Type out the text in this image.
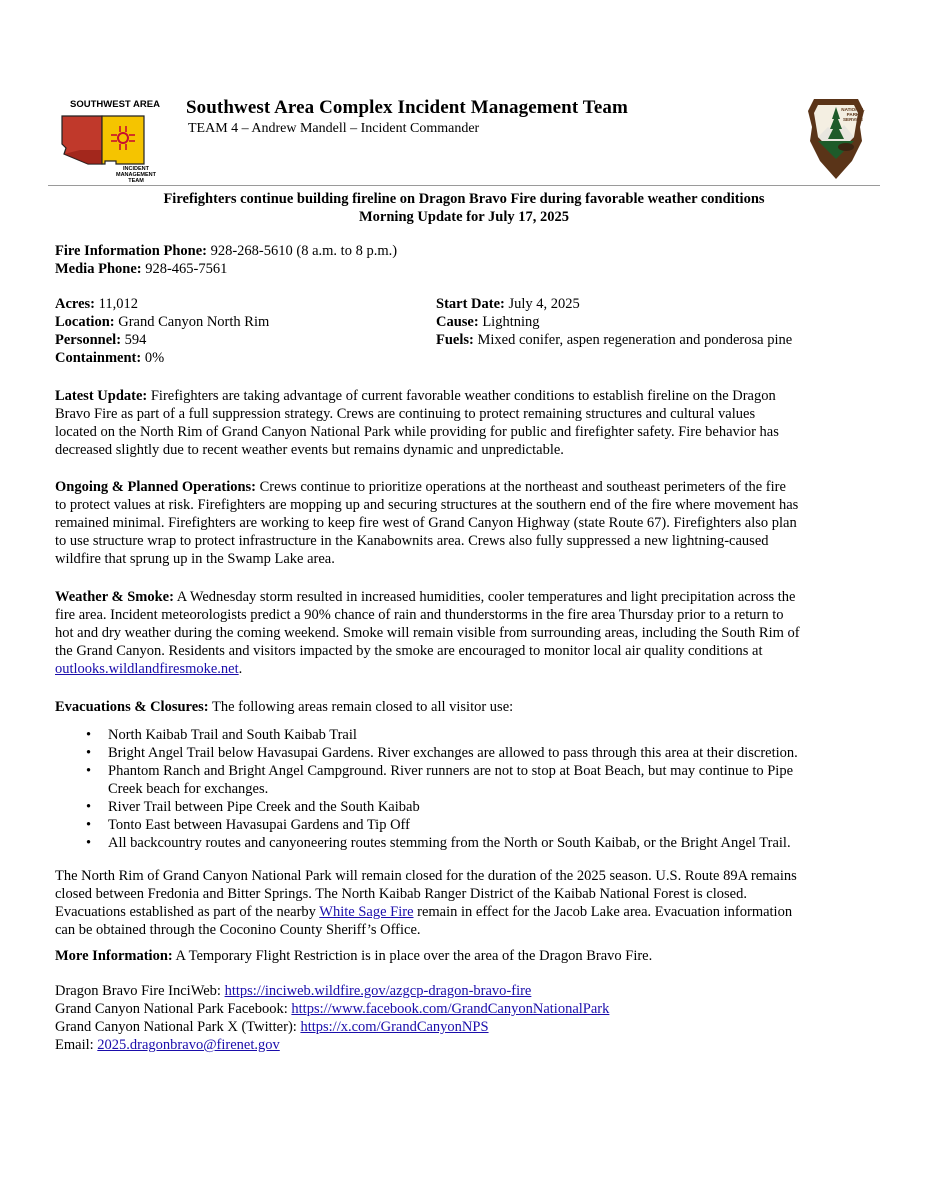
SOUTHWEST AREA
INCIDENT
MANAGEMENT
TEAM
Southwest Area Complex Incident Management Team
TEAM 4 – Andrew Mandell – Incident Commander
NATIONAL
PARK
SERVICE
Firefighters continue building fireline on Dragon Bravo Fire during favorable weather conditions
Morning Update for July 17, 2025
Fire Information Phone: 928-268-5610 (8 a.m. to 8 p.m.)
Media Phone: 928-465-7561
Acres: 11,012
Location: Grand Canyon North Rim
Personnel: 594
Containment: 0%
Start Date: July 4, 2025
Cause: Lightning
Fuels: Mixed conifer, aspen regeneration and ponderosa pine
Latest Update: Firefighters are taking advantage of current favorable weather conditions to establish fireline on the Dragon
Bravo Fire as part of a full suppression strategy. Crews are continuing to protect remaining structures and cultural values
located on the North Rim of Grand Canyon National Park while providing for public and firefighter safety. Fire behavior has
decreased slightly due to recent weather events but remains dynamic and unpredictable.
Ongoing & Planned Operations: Crews continue to prioritize operations at the northeast and southeast perimeters of the fire
to protect values at risk. Firefighters are mopping up and securing structures at the southern end of the fire where movement has
remained minimal. Firefighters are working to keep fire west of Grand Canyon Highway (state Route 67). Firefighters also plan
to use structure wrap to protect infrastructure in the Kanabownits area. Crews also fully suppressed a new lightning-caused
wildfire that sprung up in the Swamp Lake area.
Weather & Smoke: A Wednesday storm resulted in increased humidities, cooler temperatures and light precipitation across the
fire area. Incident meteorologists predict a 90% chance of rain and thunderstorms in the fire area Thursday prior to a return to
hot and dry weather during the coming weekend. Smoke will remain visible from surrounding areas, including the South Rim of
the Grand Canyon. Residents and visitors impacted by the smoke are encouraged to monitor local air quality conditions at
outlooks.wildlandfiresmoke.net.
Evacuations & Closures: The following areas remain closed to all visitor use:
• North Kaibab Trail and South Kaibab Trail
• Bright Angel Trail below Havasupai Gardens. River exchanges are allowed to pass through this area at their discretion.
• Phantom Ranch and Bright Angel Campground. River runners are not to stop at Boat Beach, but may continue to Pipe
Creek beach for exchanges.
• River Trail between Pipe Creek and the South Kaibab
• Tonto East between Havasupai Gardens and Tip Off
• All backcountry routes and canyoneering routes stemming from the North or South Kaibab, or the Bright Angel Trail.
The North Rim of Grand Canyon National Park will remain closed for the duration of the 2025 season. U.S. Route 89A remains
closed between Fredonia and Bitter Springs. The North Kaibab Ranger District of the Kaibab National Forest is closed.
Evacuations established as part of the nearby White Sage Fire remain in effect for the Jacob Lake area. Evacuation information
can be obtained through the Coconino County Sheriff’s Office.
More Information: A Temporary Flight Restriction is in place over the area of the Dragon Bravo Fire.
Dragon Bravo Fire InciWeb: https://inciweb.wildfire.gov/azgcp-dragon-bravo-fire
Grand Canyon National Park Facebook: https://www.facebook.com/GrandCanyonNationalPark
Grand Canyon National Park X (Twitter): https://x.com/GrandCanyonNPS
Email: 2025.dragonbravo@firenet.gov
